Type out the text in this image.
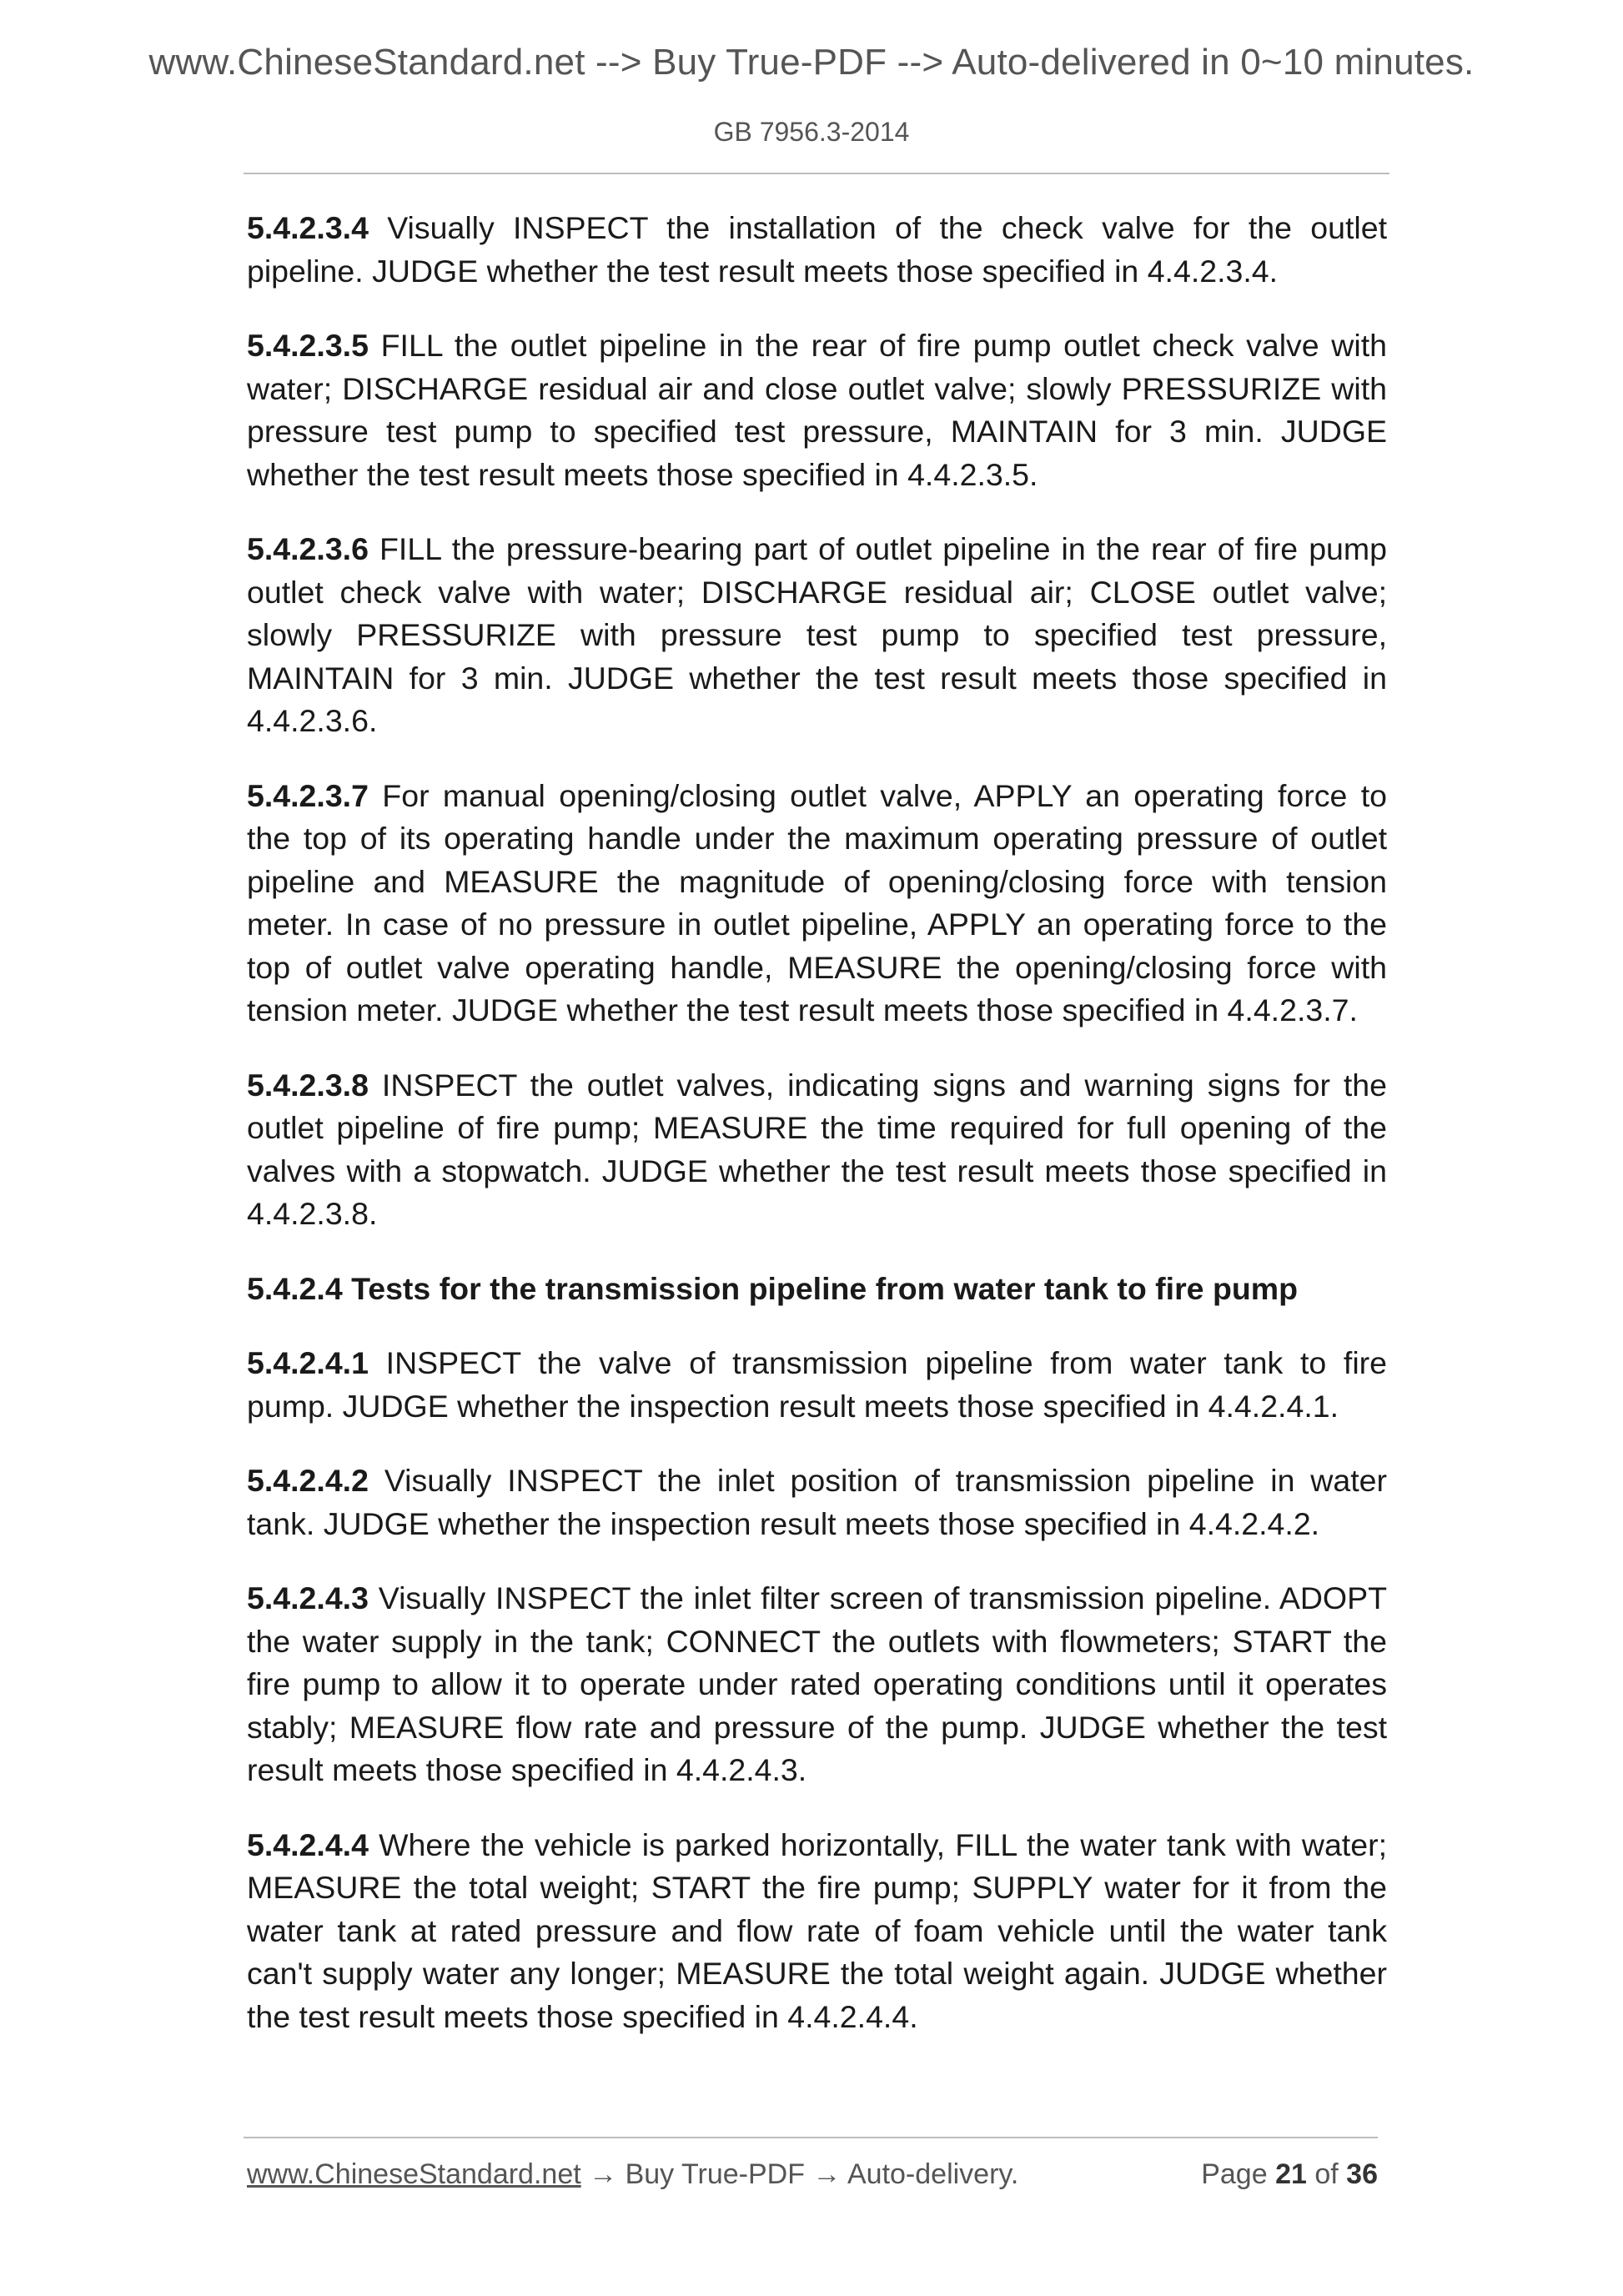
www.ChineseStandard.net --> Buy True-PDF --> Auto-delivered in 0~10 minutes.
GB 7956.3-2014

5.4.2.3.4 Visually INSPECT the installation of the check valve for the outlet pipeline. JUDGE whether the test result meets those specified in 4.4.2.3.4.

5.4.2.3.5 FILL the outlet pipeline in the rear of fire pump outlet check valve with water; DISCHARGE residual air and close outlet valve; slowly PRESSURIZE with pressure test pump to specified test pressure, MAINTAIN for 3 min. JUDGE whether the test result meets those specified in 4.4.2.3.5.

5.4.2.3.6 FILL the pressure-bearing part of outlet pipeline in the rear of fire pump outlet check valve with water; DISCHARGE residual air; CLOSE outlet valve; slowly PRESSURIZE with pressure test pump to specified test pressure, MAINTAIN for 3 min. JUDGE whether the test result meets those specified in 4.4.2.3.6.

5.4.2.3.7 For manual opening/closing outlet valve, APPLY an operating force to the top of its operating handle under the maximum operating pressure of outlet pipeline and MEASURE the magnitude of opening/closing force with tension meter. In case of no pressure in outlet pipeline, APPLY an operating force to the top of outlet valve operating handle, MEASURE the opening/closing force with tension meter. JUDGE whether the test result meets those specified in 4.4.2.3.7.

5.4.2.3.8 INSPECT the outlet valves, indicating signs and warning signs for the outlet pipeline of fire pump; MEASURE the time required for full opening of the valves with a stopwatch. JUDGE whether the test result meets those specified in 4.4.2.3.8.

5.4.2.4 Tests for the transmission pipeline from water tank to fire pump

5.4.2.4.1 INSPECT the valve of transmission pipeline from water tank to fire pump. JUDGE whether the inspection result meets those specified in 4.4.2.4.1.

5.4.2.4.2 Visually INSPECT the inlet position of transmission pipeline in water tank. JUDGE whether the inspection result meets those specified in 4.4.2.4.2.

5.4.2.4.3 Visually INSPECT the inlet filter screen of transmission pipeline. ADOPT the water supply in the tank; CONNECT the outlets with flowmeters; START the fire pump to allow it to operate under rated operating conditions until it operates stably; MEASURE flow rate and pressure of the pump. JUDGE whether the test result meets those specified in 4.4.2.4.3.

5.4.2.4.4 Where the vehicle is parked horizontally, FILL the water tank with water; MEASURE the total weight; START the fire pump; SUPPLY water for it from the water tank at rated pressure and flow rate of foam vehicle until the water tank can't supply water any longer; MEASURE the total weight again. JUDGE whether the test result meets those specified in 4.4.2.4.4.

www.ChineseStandard.net → Buy True-PDF → Auto-delivery.	Page 21 of 36
